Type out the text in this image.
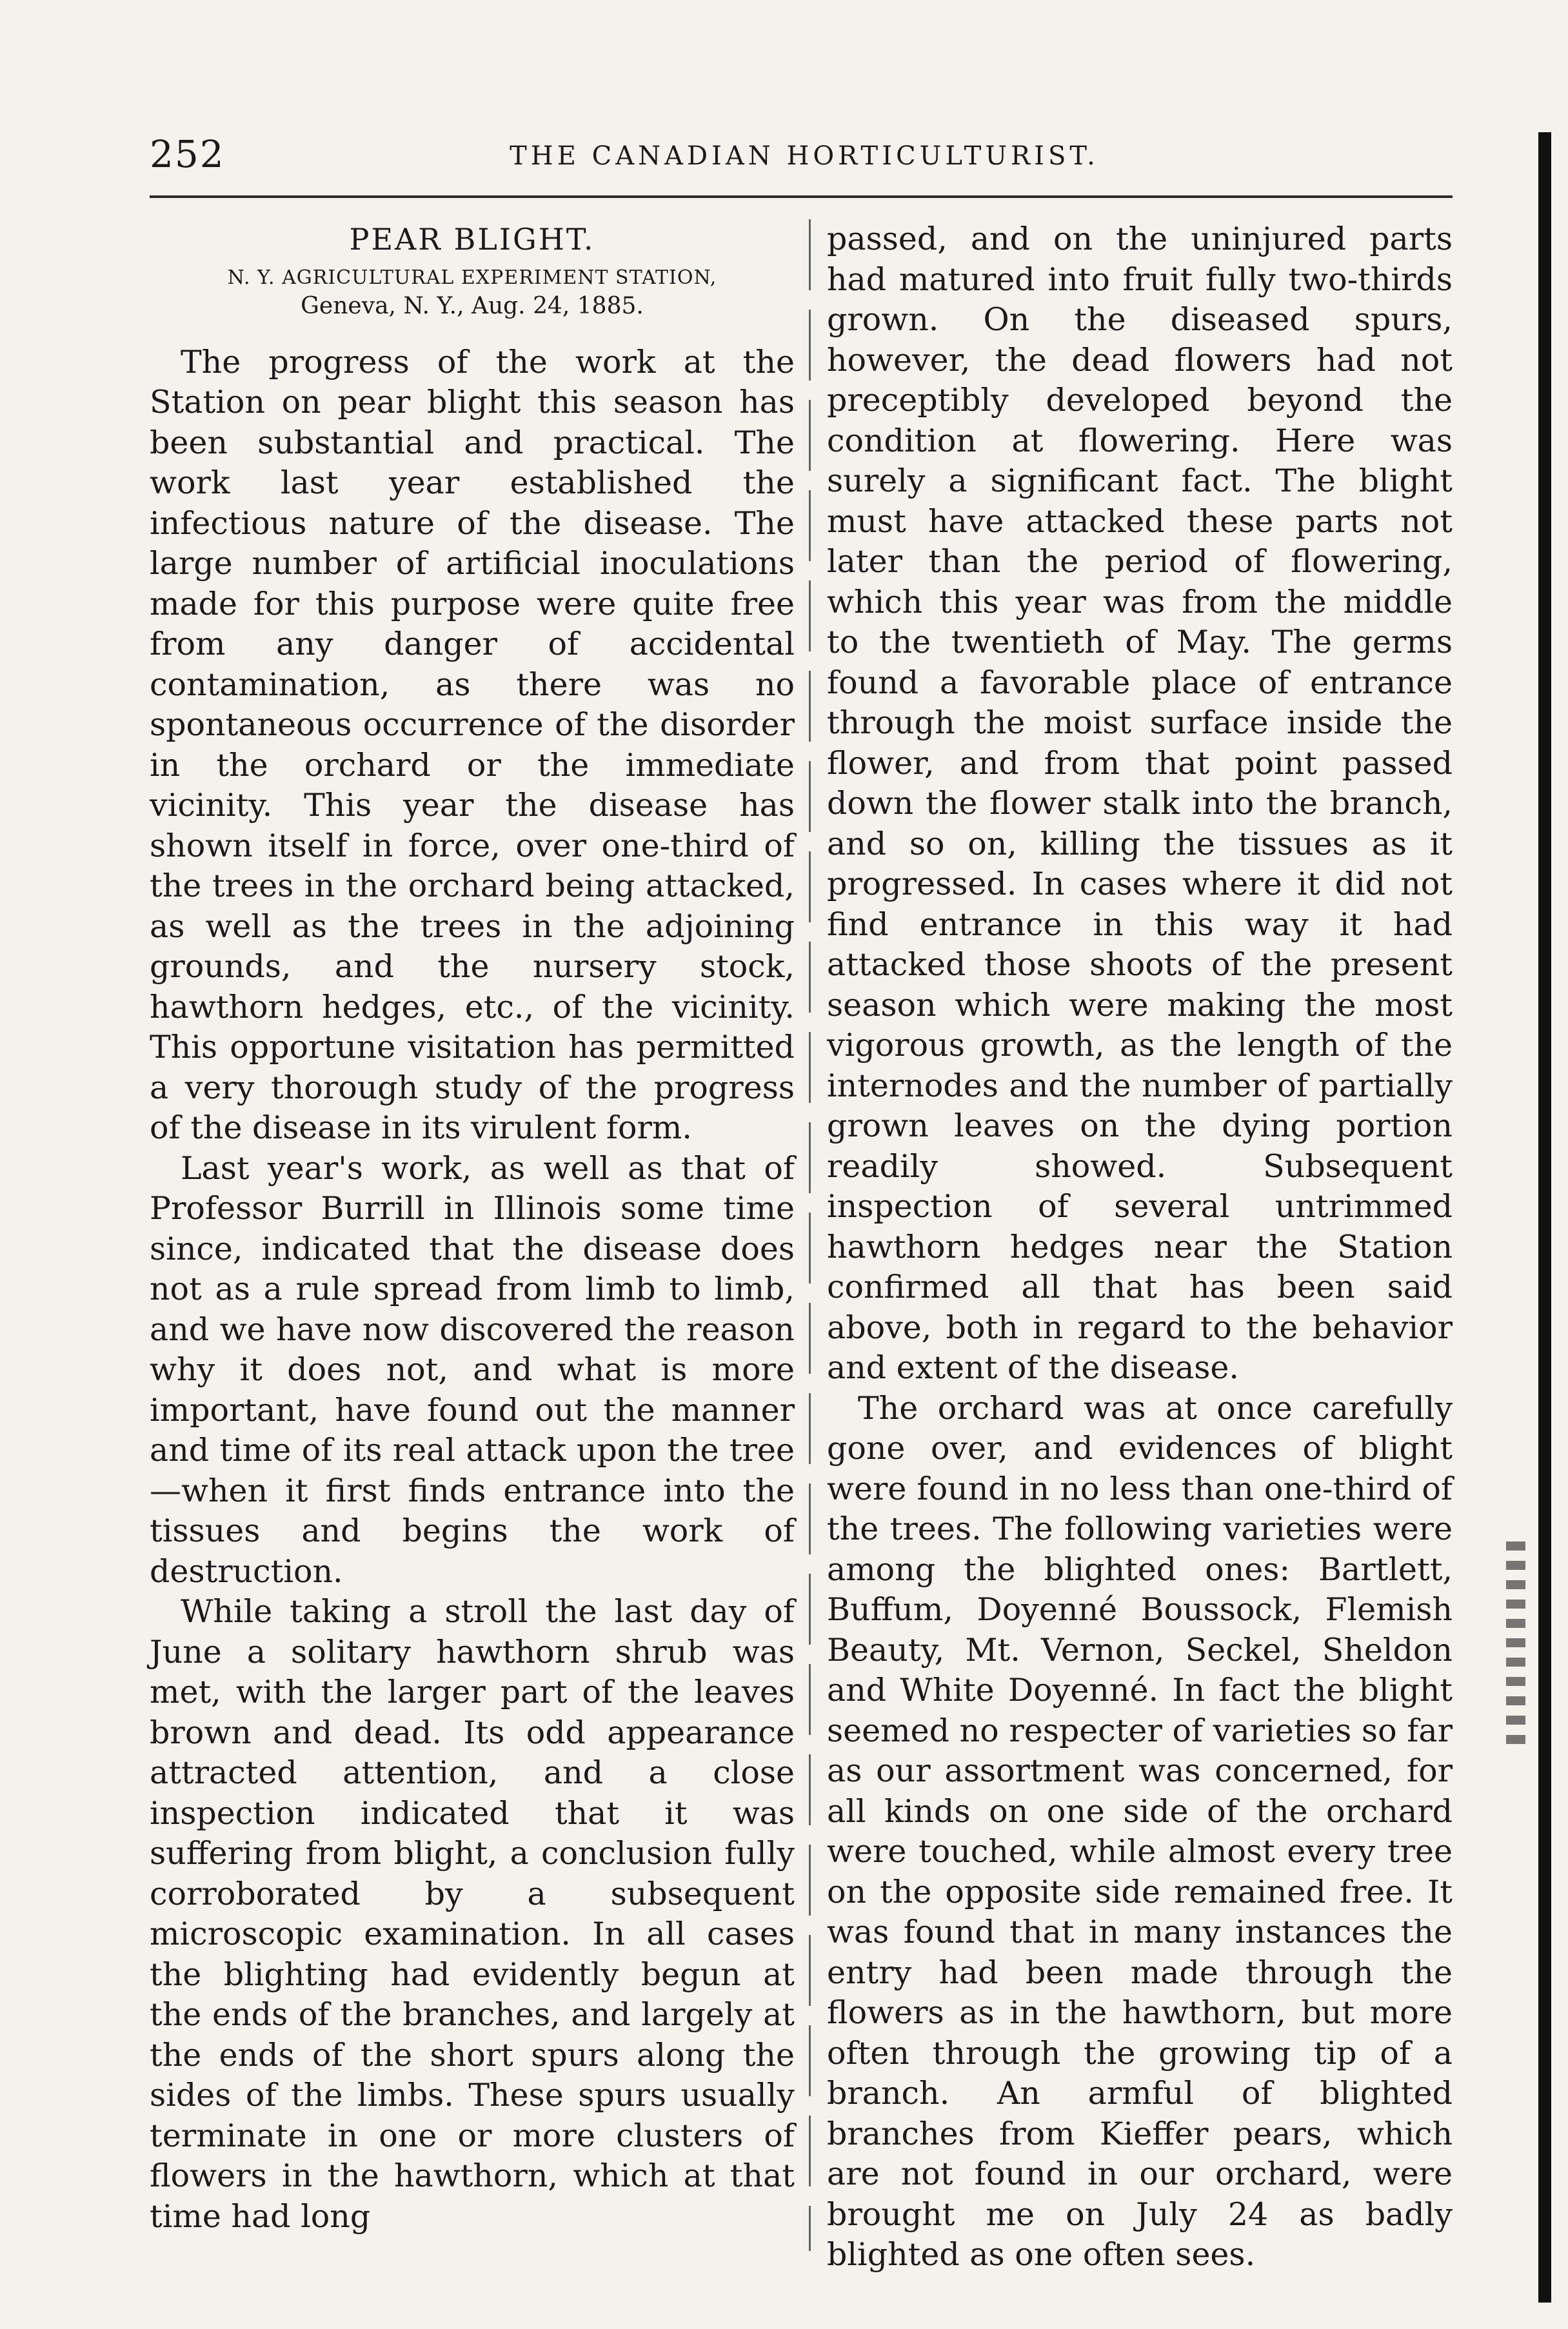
252	THE CANADIAN HORTICULTURIST.
PEAR BLIGHT.
N. Y. AGRICULTURAL EXPERIMENT STATION,
Geneva, N. Y., Aug. 24, 1885.

The progress of the work at the Station on pear blight this season has been substantial and practical. The work last year established the infectious nature of the disease. The large number of artificial inoculations made for this purpose were quite free from any danger of accidental contamination, as there was no spontaneous occurrence of the disorder in the orchard or the immediate vicinity. This year the disease has shown itself in force, over one-third of the trees in the orchard being attacked, as well as the trees in the adjoining grounds, and the nursery stock, hawthorn hedges, etc., of the vicinity. This opportune visitation has permitted a very thorough study of the progress of the disease in its virulent form.

Last year's work, as well as that of Professor Burrill in Illinois some time since, indicated that the disease does not as a rule spread from limb to limb, and we have now discovered the reason why it does not, and what is more important, have found out the manner and time of its real attack upon the tree—when it first finds entrance into the tissues and begins the work of destruction.

While taking a stroll the last day of June a solitary hawthorn shrub was met, with the larger part of the leaves brown and dead. Its odd appearance attracted attention, and a close inspection indicated that it was suffering from blight, a conclusion fully corroborated by a subsequent microscopic examination. In all cases the blighting had evidently begun at the ends of the branches, and largely at the ends of the short spurs along the sides of the limbs. These spurs usually terminate in one or more clusters of flowers in the hawthorn, which at that time had long

passed, and on the uninjured parts had matured into fruit fully two-thirds grown. On the diseased spurs, however, the dead flowers had not preceptibly developed beyond the condition at flowering. Here was surely a significant fact. The blight must have attacked these parts not later than the period of flowering, which this year was from the middle to the twentieth of May. The germs found a favorable place of entrance through the moist surface inside the flower, and from that point passed down the flower stalk into the branch, and so on, killing the tissues as it progressed. In cases where it did not find entrance in this way it had attacked those shoots of the present season which were making the most vigorous growth, as the length of the internodes and the number of partially grown leaves on the dying portion readily showed. Subsequent inspection of several untrimmed hawthorn hedges near the Station confirmed all that has been said above, both in regard to the behavior and extent of the disease.

The orchard was at once carefully gone over, and evidences of blight were found in no less than one-third of the trees. The following varieties were among the blighted ones: Bartlett, Buffum, Doyenné Boussock, Flemish Beauty, Mt. Vernon, Seckel, Sheldon and White Doyenné. In fact the blight seemed no respecter of varieties so far as our assortment was concerned, for all kinds on one side of the orchard were touched, while almost every tree on the opposite side remained free. It was found that in many instances the entry had been made through the flowers as in the hawthorn, but more often through the growing tip of a branch. An armful of blighted branches from Kieffer pears, which are not found in our orchard, were brought me on July 24 as badly blighted as one often sees.
